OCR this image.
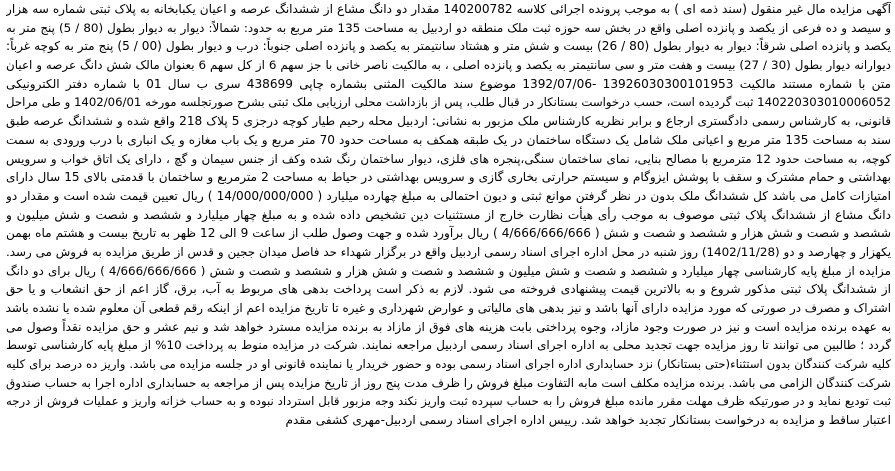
آگهی مزایده مال غیر منقول (سند ذمه ای ) به موجب پرونده اجرائی کلاسه 140200782 مقدار دو دانگ مشاع از ششدانگ عرصه و اعیان یکبابخانه به پلاک ثبتی شماره سه هزار
و سیصد و ده فرعی از یکصد و پانزده اصلی واقع در بخش سه حوزه ثبت ملک منطقه دو اردبیل به مساحت 135 متر مربع به حدود: شمالاً: دیوار به دیوار بطول (80 / 5) پنج متر به
یکصد و پانزده اصلی شرقاً: دیوار به دیوار بطول (80 / 26) بیست و شش متر و هشتاد سانتیمتر به یکصد و پانزده اصلی جنوباً: درب و دیوار بطول (00 / 5) پنج متر به کوچه غرباً:
دیوارانه دیوار بطول (30 / 27) بیست و هفت متر و سی سانتیمتر به یکصد و پانزده اصلی ، به مالکیت ناصر خانی با جز سهم 6 از کل سهم 6 بعنوان مالک شش دانگ عرصه و اعیان
متن با شماره مستند مالکیت 13926030300101953 -1392/07/06 موضوع سند مالکیت المثنی بشماره چاپی 438699 سری ب سال 01 با شماره دفتر الکترونیکی
140220303010006052 ثبت گردیده است، حسب درخواست بستانکار در قبال طلب، پس از بازداشت محلی ارزیابی ملک ثبتی بشرح صورتجلسه مورخه 1402/06/01 و طی مراحل
قانونی، به کارشناس رسمی دادگستری ارجاع و برابر نظریه کارشناس ملک مزبور به نشانی: اردبیل محله رحیم طیار کوچه درجزی 5 پلاک 218 واقع شده و ششدانگ عرصه طبق
سند به مساحت 135 متر مربع و اعیانی ملک شامل یک دستگاه ساختمان در یک طبقه همکف به مساحت حدود 70 متر مربع و یک باب مغازه و یک انباری با درب ورودی به سمت
کوچه، به مساحت حدود 12 مترمربع با مصالح بنایی، نمای ساختمان سنگی،پنجره های فلزی، دیوار ساختمان رنگ شده وکف از جنس سیمان و گچ ، دارای یک اتاق خواب و سرویس
بهداشتی و حمام مشترک و سقف با پوشش ایزوگام و سیستم حرارتی بخاری گازی و سرویس بهداشتی در حیاط به مساحت 2 مترمربع و ساختمان با قدمتی بالای 15 سال دارای
امتیازات کامل می باشد کل ششدانگ ملک بدون در نظر گرفتن موانع ثبتی و دیون احتمالی به مبلغ چهارده میلیارد ( 14/000/000/000 ) ریال تعیین قیمت شده است و مقدار دو
دانگ مشاع از ششدانگ پلاک ثبتی موصوف به موجب رأی هیأت نظارت خارج از مستثنیات دین تشخیص داده شده و به مبلغ چهار میلیارد و ششصد و شصت و شش میلیون و
ششصد و شصت و شش هزار و ششصد و شصت و شش ( 4/666/666/666 ) ریال برآورد شده و جهت وصول طلب از ساعت 9 الی 12 ظهر به تاریخ بیست و هشتم ماه بهمن
یکهزار و چهارصد و دو (1402/11/28) روز شنبه در محل اداره اجرای اسناد رسمی اردبیل واقع در برگزار شهداء حد فاصل میدان ججین و قدس از طریق مزایده به فروش می رسد.
مزایده از مبلغ پایه کارشناسی چهار میلیارد و ششصد و شصت و شش میلیون و ششصد و شصت و شش هزار و ششصد و شصت و شش ( 4/666/666/666 ) ریال برای دو دانگ
از ششدانگ پلاک ثبتی مذکور شروع و به بالاترین قیمت پیشنهادی فروخته می شود. لازم به ذکر است پرداخت بدهی های مربوط به آب، برق، گاز اعم از حق انشعاب و یا حق
اشتراک و مصرف در صورتی که مورد مزایده دارای آنها باشد و نیز بدهی های مالیاتی و عوارض شهرداری و غیره تا تاریخ مزایده اعم از اینکه رقم قطعی آن معلوم شده یا نشده باشد
به عهده برنده مزایده است و نیز در صورت وجود مازاد، وجوه پرداختی بابت هزینه های فوق از مازاد به برنده مزایده مسترد خواهد شد و نیم عشر و حق مزایده نقداً وصول می
گردد ؛ طالبین می توانند تا روز مزایده جهت تجدید محلی به اداره اجرای اسناد رسمی اردبیل مراجعه نمایند. شرکت در مزایده منوط به پرداخت 10% از مبلغ پایه کارشناسی توسط
کلیه شرکت کنندگان بدون استثناء(حتی بستانکار) نزد حسابداری اداره اجرای اسناد رسمی بوده و حضور خریدار یا نماینده قانونی او در جلسه مزایده می باشد. واریز ده درصد برای کلیه
شرکت کنندگان الزامی می باشد. برنده مزایده مکلف است مابه التفاوت مبلغ فروش را ظرف مدت پنج روز از تاریخ مزایده پس از مراجعه به حسابداری اداره اجرا به حساب صندوق
ثبت تودیع نماید و در صورتیکه ظرف مهلت مقرر مانده مبلغ فروش را به حساب سپرده ثبت واریز نکند وجه مزبور قابل استرداد نبوده و به حساب خزانه واریز و عملیات فروش از درجه
اعتبار ساقط و مزایده به درخواست بستانکار تجدید خواهد شد. رییس اداره اجرای اسناد رسمی اردبیل-مهری کشفی مقدم
